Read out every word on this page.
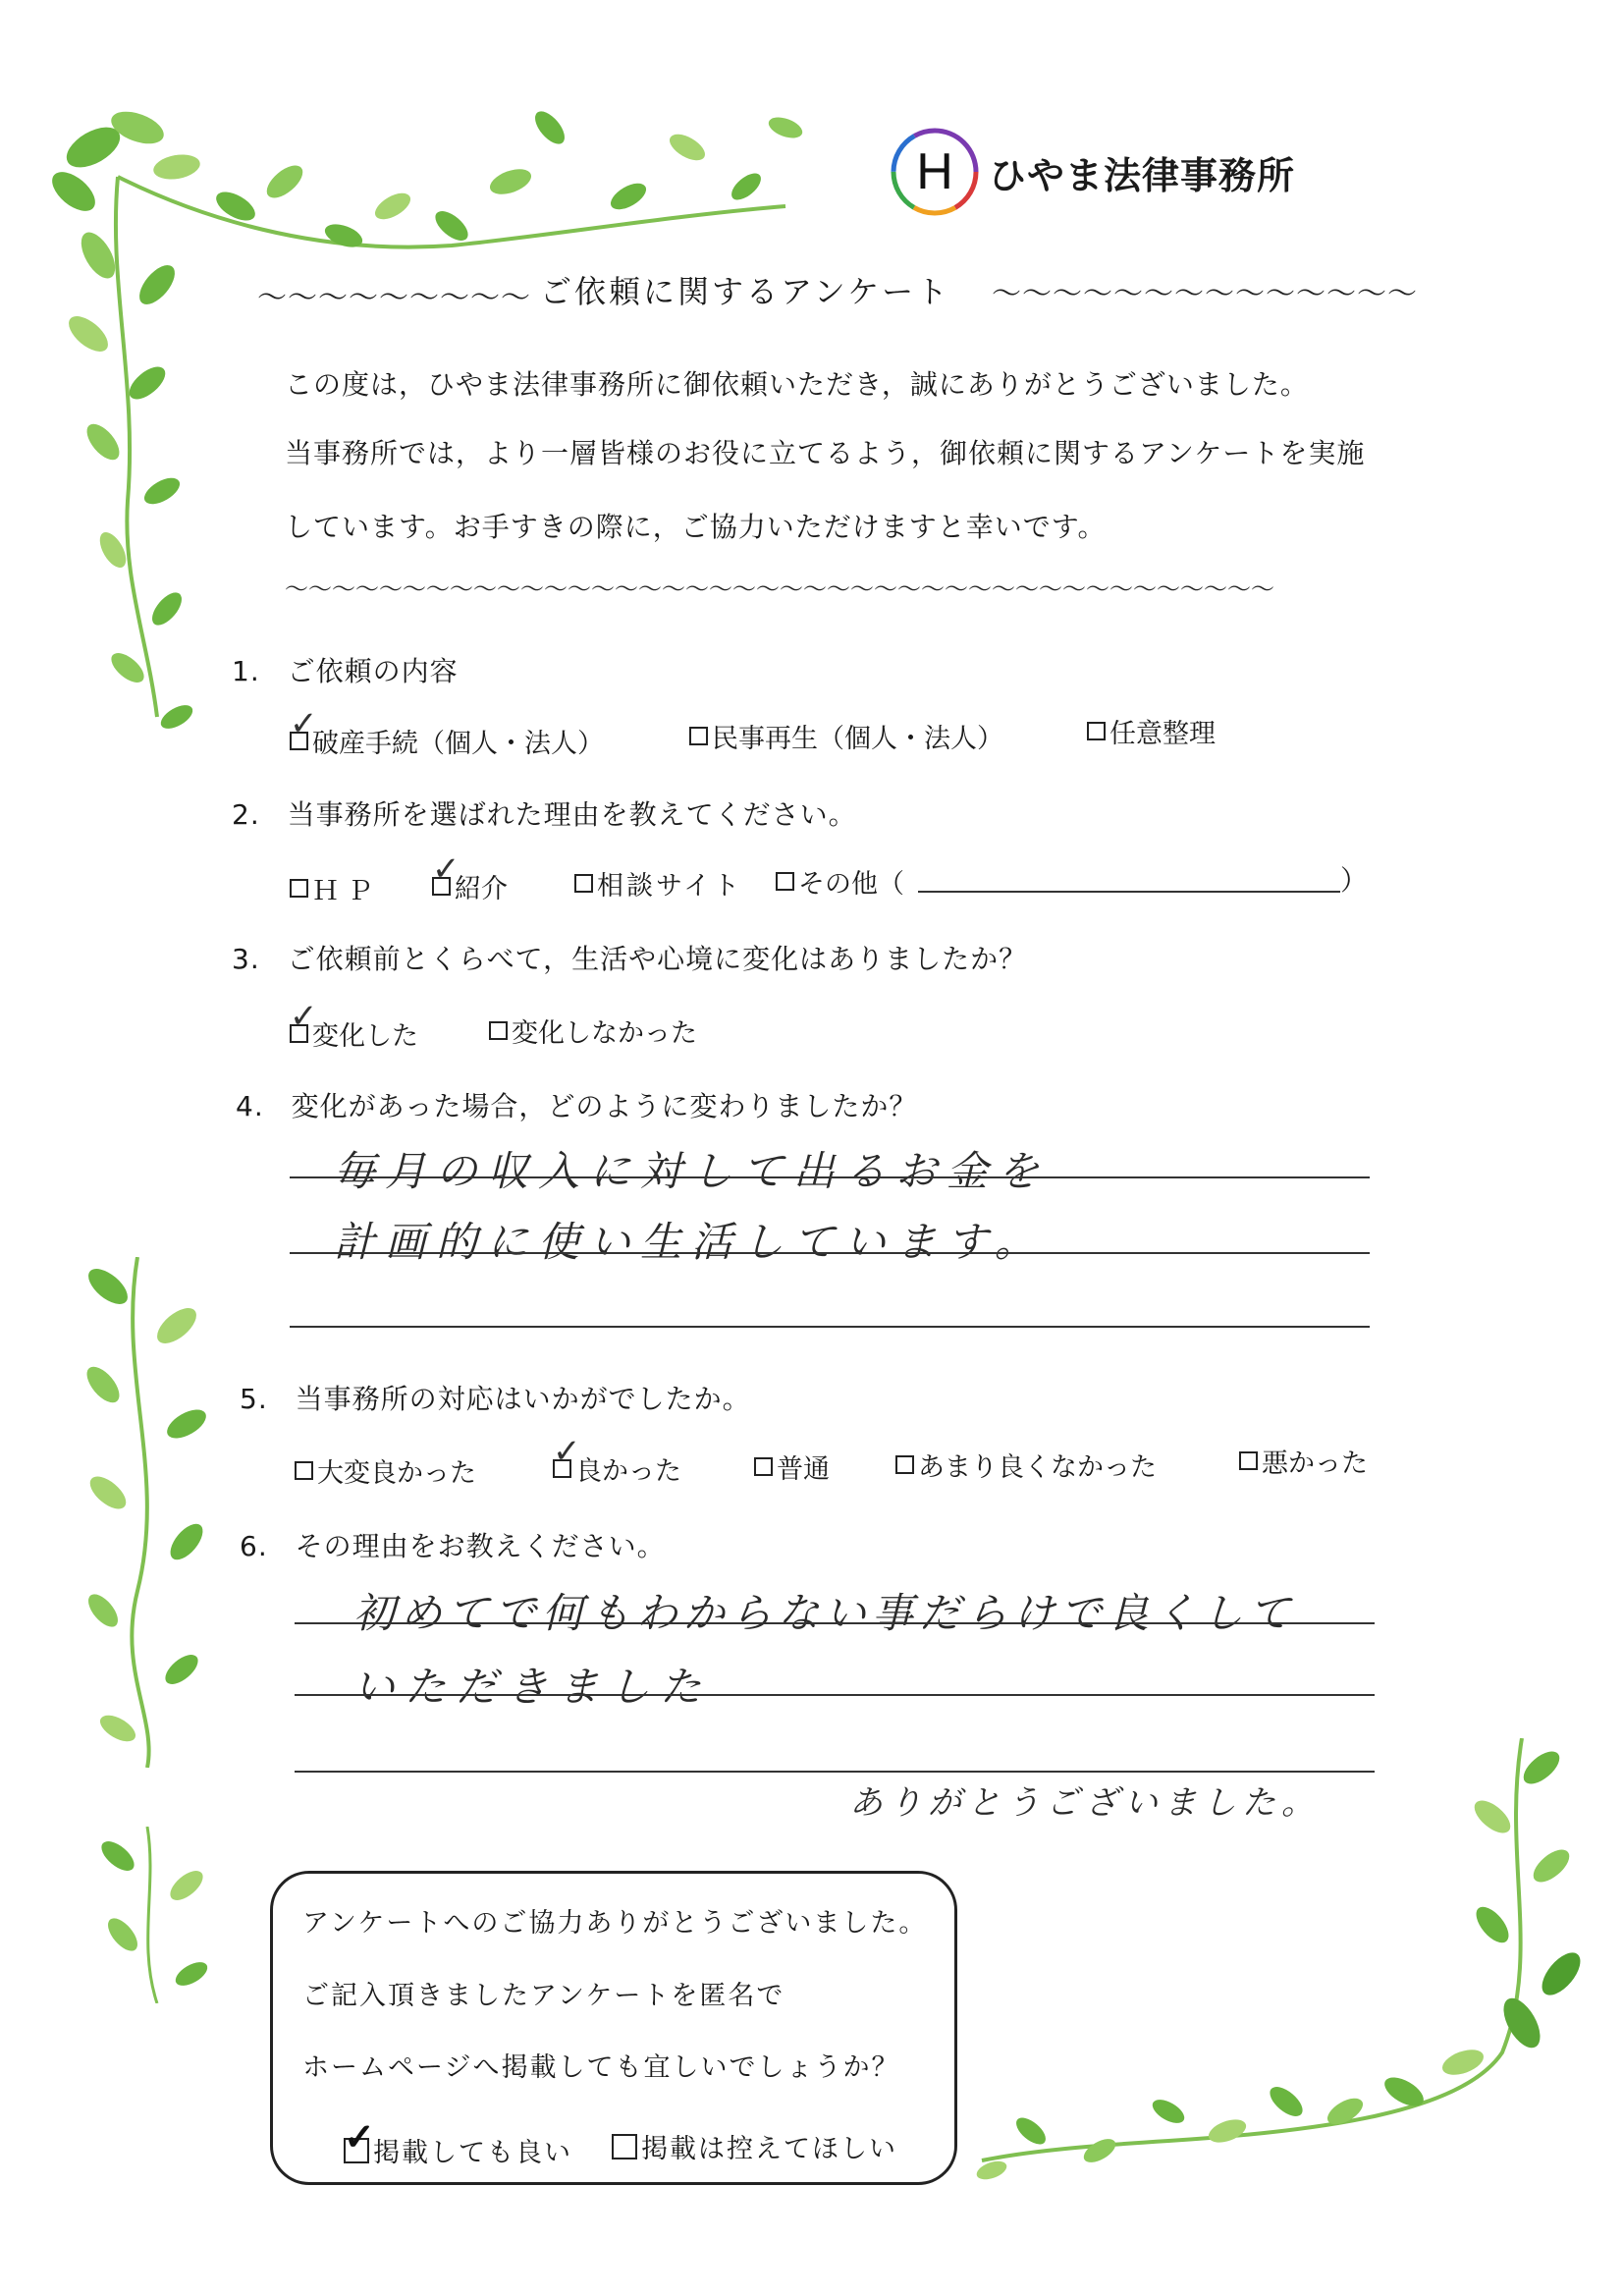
H ひやま法律事務所
～～～～～～～～～ ご依頼に関するアンケート ～～～～～～～～～～～～～～
この度は，ひやま法律事務所に御依頼いただき，誠にありがとうございました。
当事務所では，より一層皆様のお役に立てるよう，御依頼に関するアンケートを実施
しています。お手すきの際に，ご協力いただけますと幸いです。
～～～～～～～～～～～～～～～～～～～～～～～～～～～～～～～～～～～～～～～～～～
1. ご依頼の内容
✓
破産手続（個人・法人）	民事再生（個人・法人）	任意整理
2. 当事務所を選ばれた理由を教えてください。
ＨＰ
✓
紹介	相談サイト その他（	）
3. ご依頼前とくらべて，生活や心境に変化はありましたか？
✓
変化した	変化しなかった
4. 変化があった場合，どのように変わりましたか？
毎月の収入に対して出るお金を
計画的に使い生活しています。
5. 当事務所の対応はいかがでしたか。
大変良かった
✓
良かった	普通	あまり良くなかった	悪かった
6. その理由をお教えください。
初めてで何もわからない事だらけで良くして
いただきました
ありがとうございました。
アンケートへのご協力ありがとうございました。
ご記入頂きましたアンケートを匿名で
ホームページへ掲載しても宜しいでしょうか？
✓
掲載しても良い	掲載は控えてほしい
